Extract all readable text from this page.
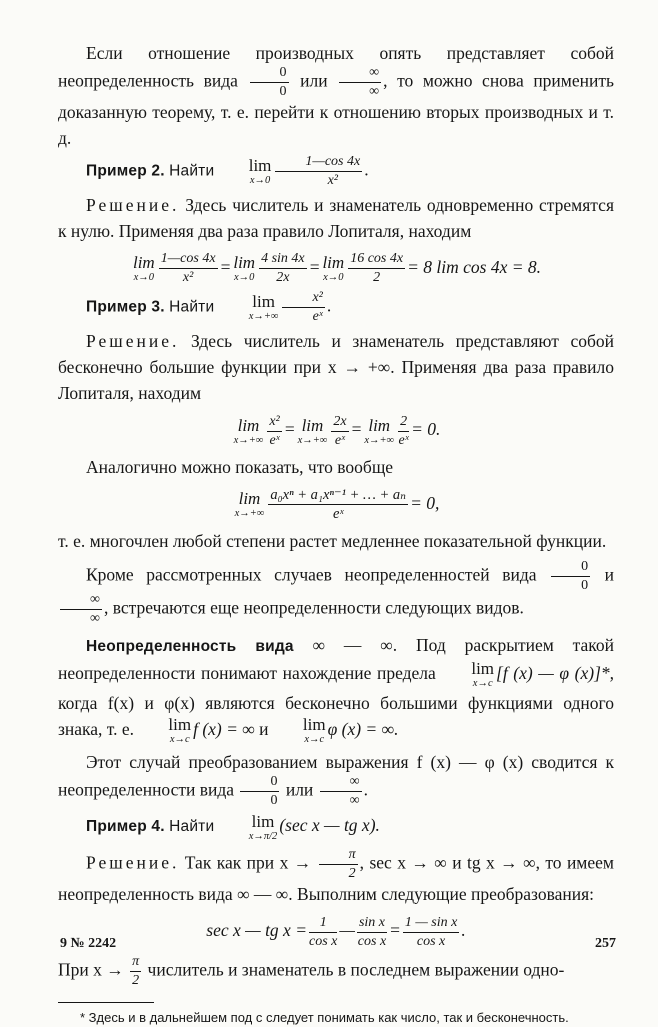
Если отношение производных опять представляет собой неопределенность вида $\frac{0}{0}$ или $\frac{\infty}{\infty}$ , то можно снова применить доказанную теорему, т. е. перейти к отношению вторых производных и т. д.

Пример 2. Найти	lim
$x\to 0 \frac{1—\cos 4x}{\text{x²}}$ .

Решение. Здесь числитель и знаменатель одновременно стремятся к нулю. Применяя два раза правило Лопиталя, находим

lim
$x\to 0 \frac{1—\cos 4x}{\text{x²}} = \lim$
$x\to 0 \frac{4 \sin 4x}{2x} = \lim$
$x\to 0 \frac{16 \cos 4x}{2} = 8$ lim cos 4x = 8.

Пример 3. Найти	lim
$x\to+\infty \frac{\text{x²}}{\text{eˣ}}$ .

Решение. Здесь числитель и знаменатель представляют собой бесконечно большие функции при x → +∞. Применяя два раза правило Лопиталя, находим

lim
$x\to+\infty \frac{\text{x²}}{\text{eˣ}} = \lim$
$x\to+\infty \frac{2x}{\text{eˣ}} = \lim$
$x\to+\infty \frac{2}{\text{eˣ}} = 0$.

Аналогично можно показать, что вообще

lim
$x\to+\infty \frac{\text{a₀xⁿ + a₁xⁿ⁻¹ + … + aₙ}}{\text{eˣ}} = 0$,

т. е. многочлен любой степени растет медленнее показательной функции.

Кроме рассмотренных случаев неопределенностей вида $\frac{0}{0}$ и
$\frac{\infty}{\infty}$ , встречаются еще неопределенности следующих видов.

Неопределенность вида ∞ — ∞. Под раскрытием такой неопределенности понимают нахождение предела	lim
x→c
[f (x) — φ (x)]*, когда f(x) и φ(x) являются бесконечно большими функциями одного знака, т. е.	lim
x→c
f (x) = ∞ и	lim
x→c
φ (x) = ∞.

Этот случай преобразованием выражения f (x) — φ (x) сводится к неопределенности вида $\frac{0}{0}$ или $\frac{\infty}{\infty}$ .

Пример 4. Найти	lim
x→π/2
(sec x — tg x).

Решение. Так как при $x \to \frac{\pi}{2}$ , sec x → ∞ и tg x → ∞, то имеем неопределенность вида ∞ — ∞. Выполним следующие преобразования:

sec x — tg $x = \frac{1}{\text{cos x}}$ — $\frac{\text{sin x}}{\text{cos x}} = \frac{\text{1 — sin x}}{\text{cos x}}$ .

При $x \to \frac{\pi}{2}$ числитель и знаменатель в последнем выражении одно-

* Здесь и в дальнейшем под c следует понимать как число, так и бесконечность.

9 № 2242	257
